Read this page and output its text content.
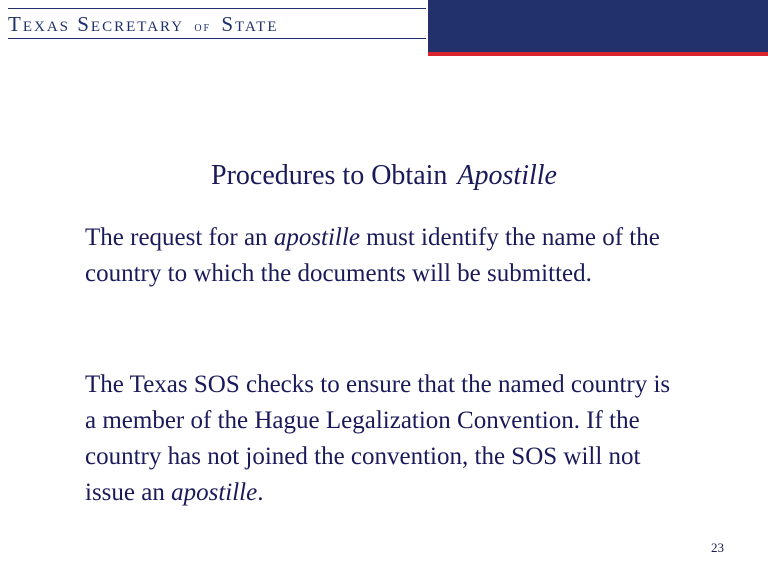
Texas Secretary of State
Procedures to Obtain Apostille
The request for an apostille must identify the name of the country to which the documents will be submitted.
The Texas SOS checks to ensure that the named country is a member of the Hague Legalization Convention. If the country has not joined the convention, the SOS will not issue an apostille.
23
